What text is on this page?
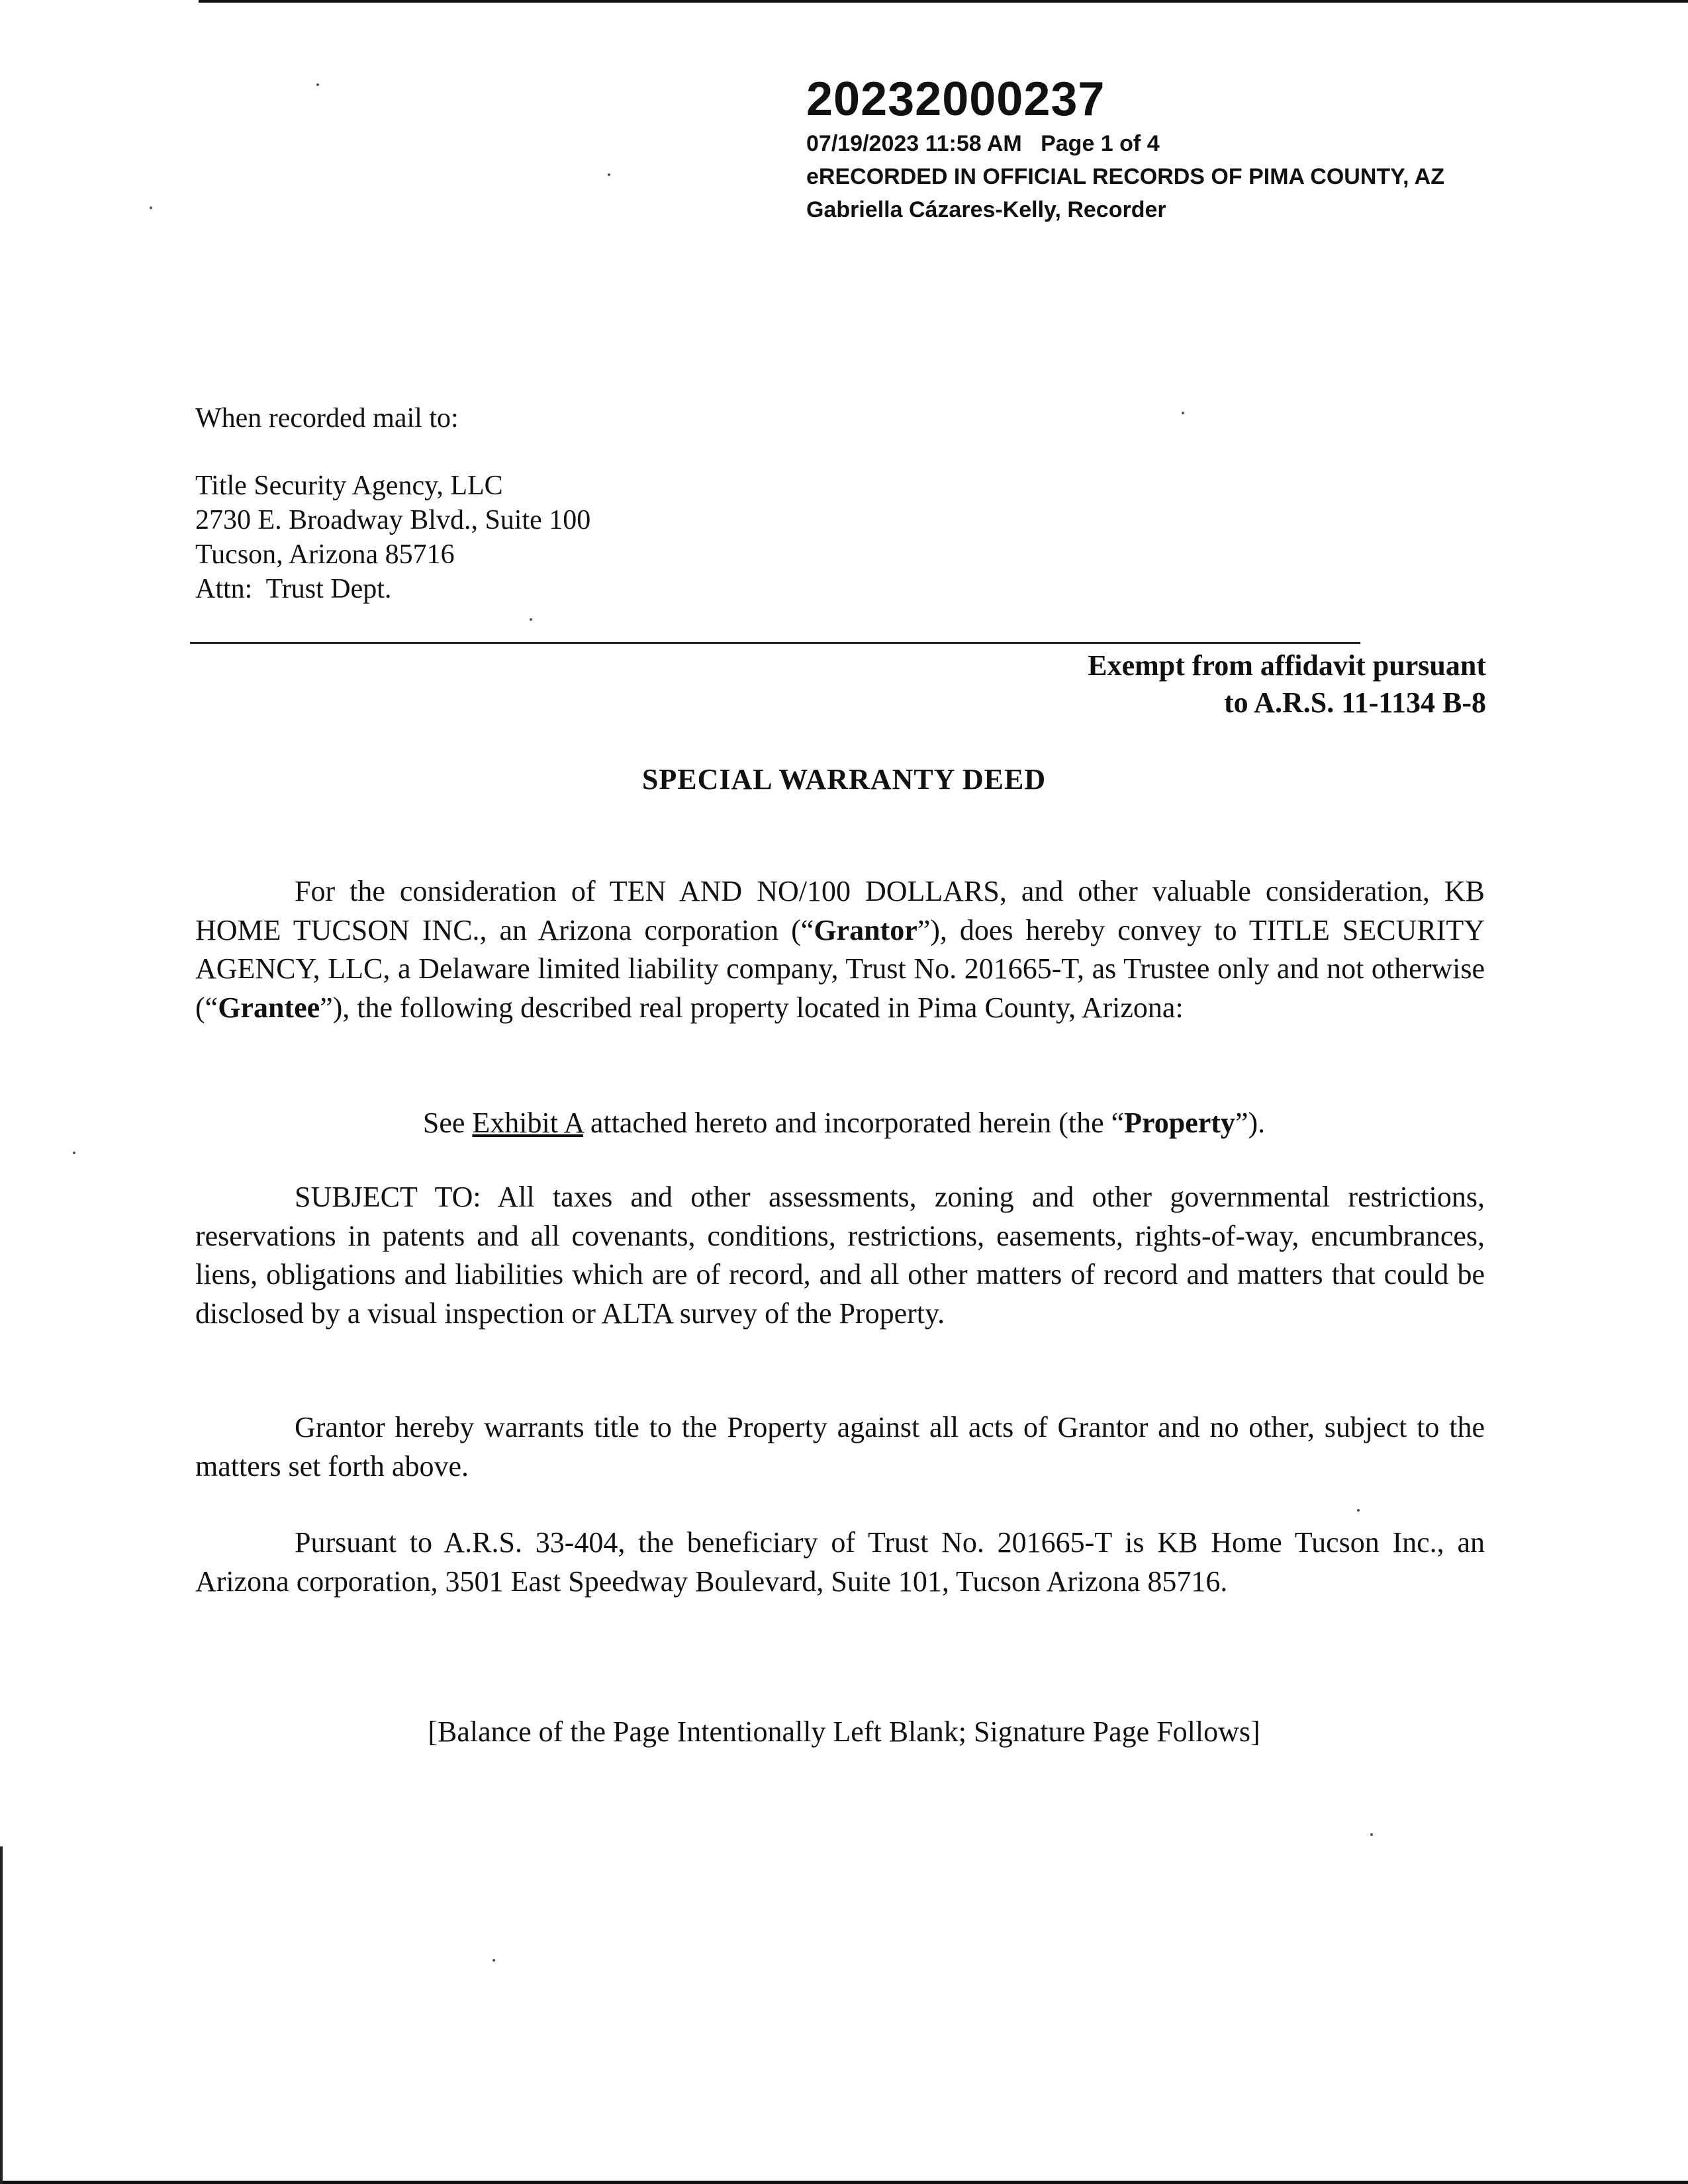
20232000237
07/19/2023 11:58 AM   Page 1 of 4
eRECORDED IN OFFICIAL RECORDS OF PIMA COUNTY, AZ
Gabriella Cázares-Kelly, Recorder
When recorded mail to:
Title Security Agency, LLC
2730 E. Broadway Blvd., Suite 100
Tucson, Arizona 85716
Attn:  Trust Dept.
Exempt from affidavit pursuant
to A.R.S. 11-1134 B-8
SPECIAL WARRANTY DEED

For the consideration of TEN AND NO/100 DOLLARS, and other valuable consideration, KB HOME TUCSON INC., an Arizona corporation (“Grantor”), does hereby convey to TITLE SECURITY AGENCY, LLC, a Delaware limited liability company, Trust No. 201665-T, as Trustee only and not otherwise (“Grantee”), the following described real property located in Pima County, Arizona:

See Exhibit A attached hereto and incorporated herein (the “Property”).

SUBJECT TO: All taxes and other assessments, zoning and other governmental restrictions, reservations in patents and all covenants, conditions, restrictions, easements, rights-of-way, encumbrances, liens, obligations and liabilities which are of record, and all other matters of record and matters that could be disclosed by a visual inspection or ALTA survey of the Property.

Grantor hereby warrants title to the Property against all acts of Grantor and no other, subject to the matters set forth above.

Pursuant to A.R.S. 33-404, the beneficiary of Trust No. 201665-T is KB Home Tucson Inc., an Arizona corporation, 3501 East Speedway Boulevard, Suite 101, Tucson Arizona 85716.

[Balance of the Page Intentionally Left Blank; Signature Page Follows]
